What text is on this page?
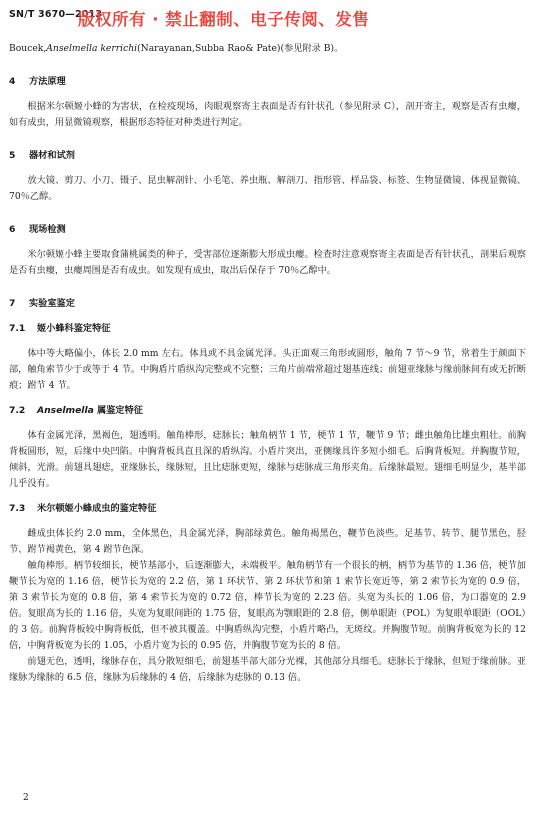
SN/T 3670—2013
版权所有 · 禁止翻制、电子传阅、发售

Boucek,Anselmella kerrichi(Narayanan,Subba Rao& Pate)(参见附录 B)。

4 方法原理

根据米尔顿姬小蜂的为害状，在检疫现场，肉眼观察寄主表面是否有针状孔（参见附录 C），剖开寄主，观察是否有虫瘿，如有成虫，用显微镜观察，根据形态特征对种类进行判定。

5 器材和试剂

放大镜、剪刀、小刀、镊子、昆虫解剖针、小毛笔、养虫瓶、解剖刀、指形管、样品袋、标签、生物显微镜、体视显微镜、70％乙醇。

6 现场检测

米尔顿姬小蜂主要取食蒲桃属类的种子，受害部位逐渐膨大形成虫瘿。检查时注意观察寄主表面是否有针状孔，剖果后观察是否有虫瘿，虫瘿周围是否有成虫。如发现有成虫，取出后保存于 70％乙醇中。

7 实验室鉴定

7.1 姬小蜂科鉴定特征

体中等大略偏小，体长 2.0 mm 左右。体具或不具金属光泽。头正面观三角形或圆形，触角 7 节～9 节，常着生于颜面下部，触角索节少于或等于 4 节。中胸盾片盾纵沟完整或不完整；三角片前端常超过翅基连线；前翅亚缘脉与缘前脉间有或无折断痕；跗节 4 节。

7.2 Anselmella 属鉴定特征

体有金属光泽，黑褐色，翅透明。触角棒形，痣脉长；触角柄节 1 节，梗节 1 节，鞭节 9 节；雌虫触角比雄虫粗壮。前胸背板圆形，短，后缘中央凹陷。中胸背板具直且深的盾纵沟。小盾片突出，亚侧缘具许多短小细毛。后胸背板短。并胸腹节短，倾斜，光滑。前翅具翅痣，亚缘脉长，缘脉短，且比痣脉更短，缘脉与痣脉成三角形夹角。后缘脉最短。翅细毛明显少，基半部几乎没有。

7.3 米尔顿姬小蜂成虫的鉴定特征

雌成虫体长约 2.0 mm，全体黑色，具金属光泽，胸部绿黄色。触角褐黑色，鞭节色淡些。足基节、转节、腿节黑色，胫节、跗节褐黄色，第 4 跗节色深。

触角棒形。柄节较细长，梗节基部小，后逐渐膨大，未端极平。触角柄节有一个很长的柄，柄节为基节的 1.36 倍，梗节加鞭节长为宽的 1.16 倍，梗节长为宽的 2.2 倍，第 1 环状节、第 2 环状节和第 1 索节长宽近等，第 2 索节长为宽的 0.9 倍，第 3 索节长为宽的 0.8 倍，第 4 索节长为宽的 0.72 倍，棒节长为宽的 2.23 倍。头宽为头长的 1.06 倍，为口器宽的 2.9 倍。复眼高为长的 1.16 倍，头宽为复眼间距的 1.75 倍，复眼高为颚眼距的 2.8 倍，侧单眼距（POL）为复眼单眼距（OOL）的 3 倍。前胸背板较中胸背板低，但不被其覆盖。中胸盾纵沟完整，小盾片略凸，无斑纹。并胸腹节短。前胸背板宽为长的 12 倍，中胸背板宽为长的 1.05，小盾片宽为长的 0.95 倍，并胸腹节宽为长的 8 倍。

前翅无色，透明，缘脉存在，具分散短细毛，前翅基半部大部分光裸，其他部分具细毛。痣脉长于缘脉，但短于缘前脉。亚缘脉为缘脉的 6.5 倍，缘脉为后缘脉的 4 倍，后缘脉为痣脉的 0.13 倍。

2
